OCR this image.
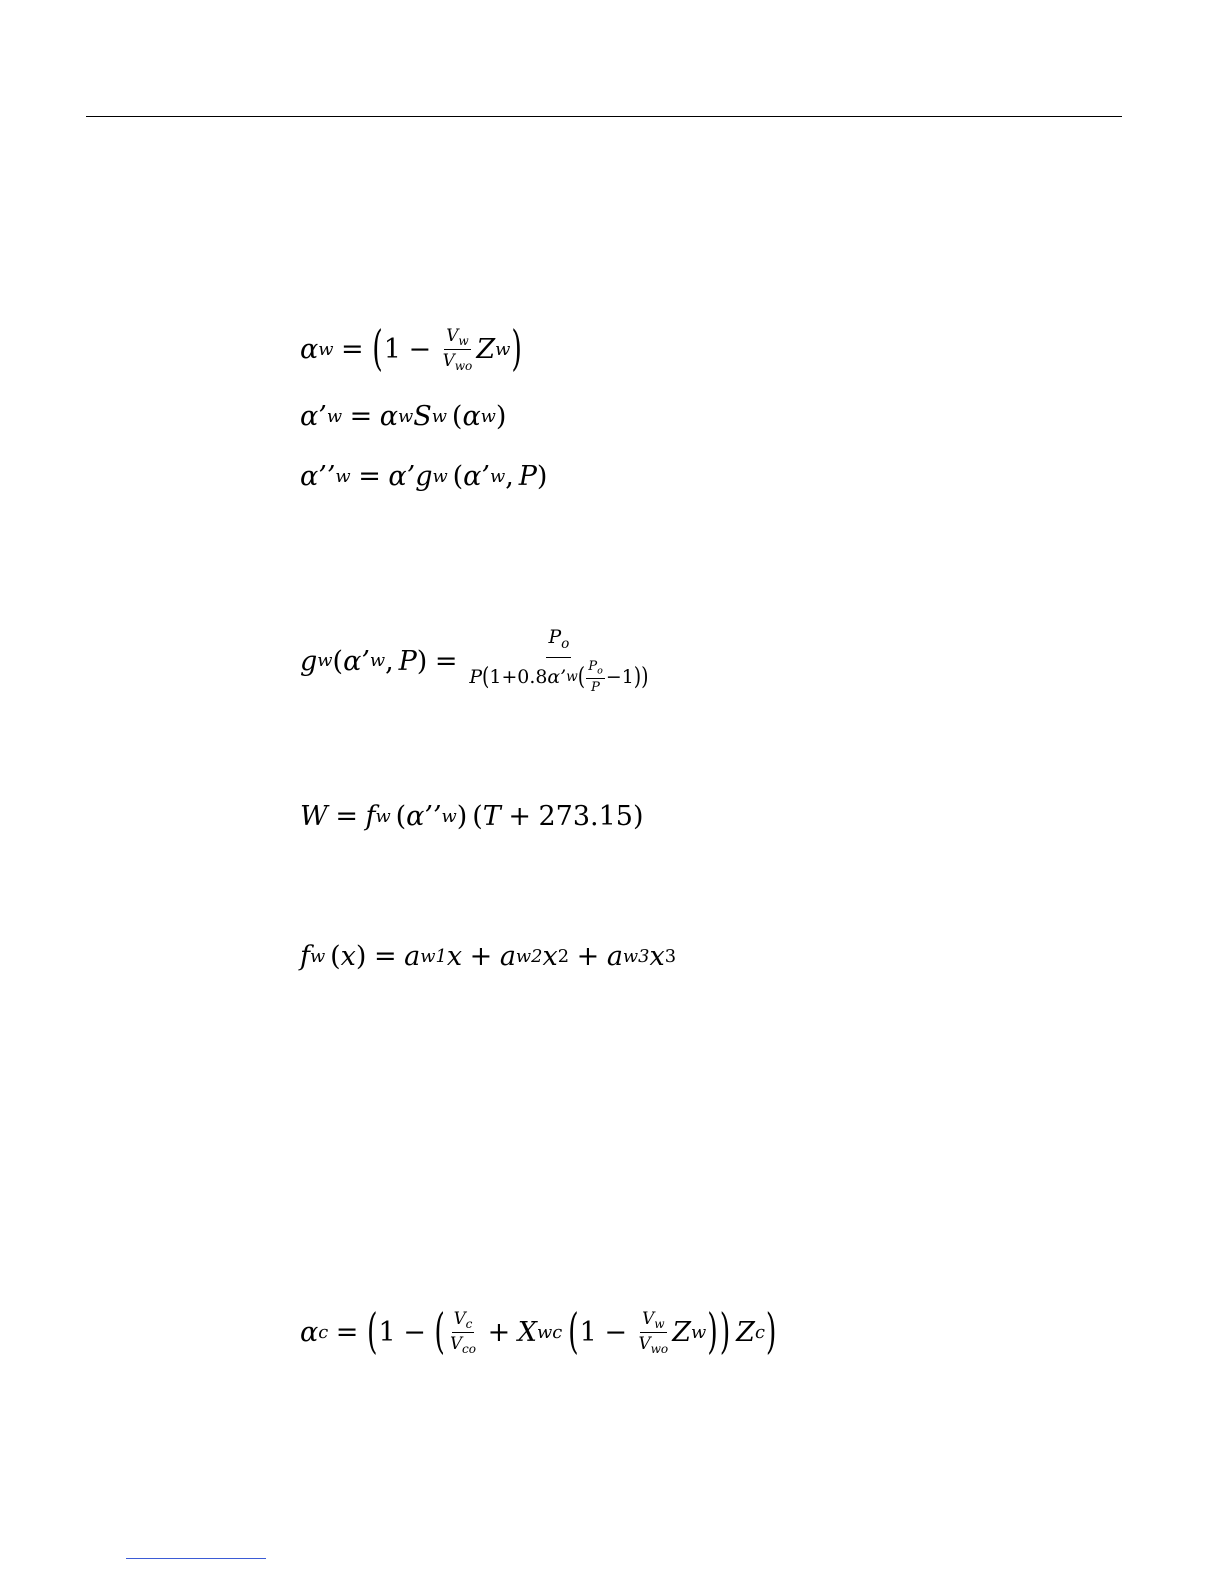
α w = ( $1 - \frac{V_w}{V_{wo}}$ Z w )
α ’ w = α w S w ( α w )
α ’’ w = α ’ g w ( α ’ w , P )
g w ( α ’ w , P ) =
$P_o$
P ( 1 + 0.8 α ’ w ( $\frac{P_o}{P} - 1$ ) )
W = f w ( α ’’ w ) ( T + 273.15 )
f w ( x ) = a w1 x + a w2 x 2 + a w3 x 3
α c = ( 1 − ( $\frac{V_c}{V_{co}} + X$ wc ( $1 - \frac{V_w}{V_{wo}}$ Z w ) ) Z c )
